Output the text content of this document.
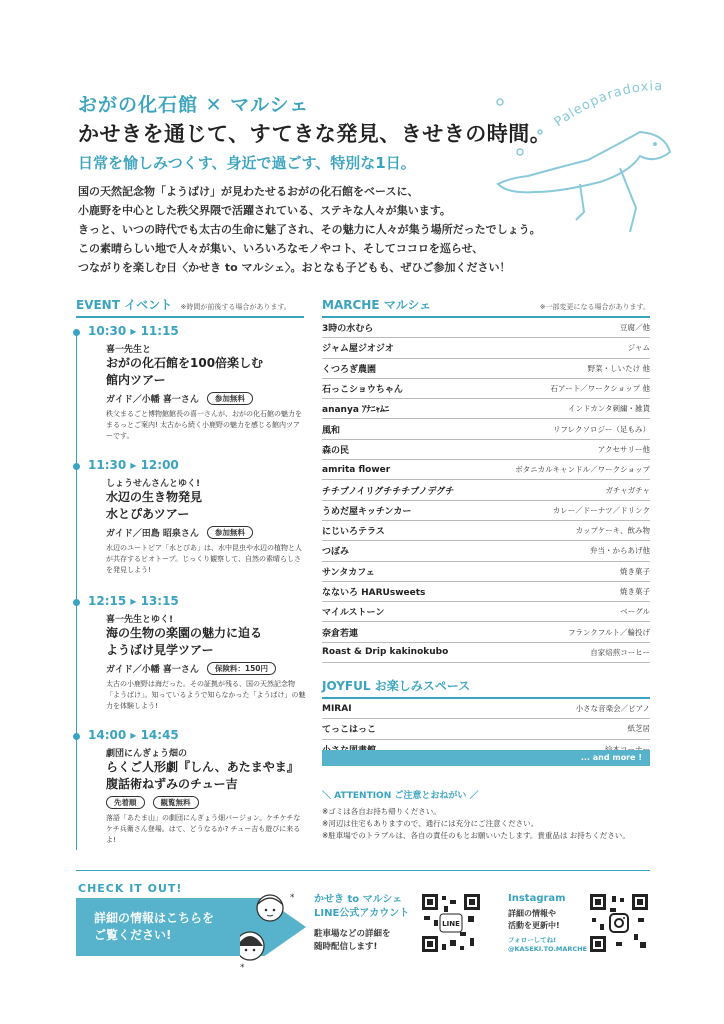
おがの化石館 ✕ マルシェ
かせきを通じて、すてきな発見、きせきの時間。
日常を愉しみつくす、身近で過ごす、特別な1日。
国の天然記念物「ようばけ」が見わたせるおがの化石館をベースに、
小鹿野を中心とした秩父界隈で活躍されている、ステキな人々が集います。
きっと、いつの時代でも太古の生命に魅了され、その魅力に人々が集う場所だったでしょう。
この素晴らしい地で人々が集い、いろいろなモノやコト、そしてココロを巡らせ、
つながりを楽しむ日〈かせき to マルシェ〉。おとなも子どもも、ぜひご参加ください！
Paleoparadoxia
EVENT イベント ※時間が前後する場合があります。
10:30 ▸ 11:15
喜一先生と
おがの化石館を100倍楽しむ
館内ツアー
ガイド／小幡 喜一さん	参加無料
秩父まるごと博物館館長の喜一さんが、おがの化石館の魅力をまるっとご案内! 太古から続く小鹿野の魅力を感じる館内ツアーです。
11:30 ▸ 12:00
しょうせんさんとゆく!
水辺の生き物発見
水とぴあツアー
ガイド／田島 昭泉さん	参加無料
水辺のユートピア「水とぴあ」は、水中昆虫や水辺の植物と人が共存するビオトープ。じっくり観察して、自然の素晴らしさを発見しよう!
12:15 ▸ 13:15
喜一先生とゆく!
海の生物の楽園の魅力に迫る
ようばけ見学ツアー
ガイド／小幡 喜一さん	保険料：150円
太古の小鹿野は海だった。その証拠が残る、国の天然記念物「ようばけ」。知っているようで知らなかった「ようばけ」の魅力を体験しよう!
14:00 ▸ 14:45
劇団にんぎょう畑の
らくご人形劇『しん、あたまやま』
腹話術ねずみのチュー吉
先着順	観覧無料
落語「あたま山」の劇団にんぎょう畑バージョン。ケチケチなケチ兵衛さん登場。はて、どうなるか? チュー吉も遊びに来るよ!
MARCHE マルシェ	※一部変更になる場合があります。
3時の水むら	豆腐／他
ジャム屋ジオジオ	ジャム
くつろぎ農園	野菜・しいたけ 他
石っこショウちゃん	石アート／ワークショップ 他
ananya ｱﾅﾆｬﾑﾆ	インドカンタ刺繍・雑貨
風和	リフレクソロジー（足もみ）
森の民	アクセサリー他
amrita flower	ボタニカルキャンドル／ワークショップ
チチブノイリグチチチブノデグチ	ガチャガチャ
うめだ屋キッチンカー	カレー／ドーナツ／ドリンク
にじいろテラス	カップケーキ、飲み物
つぼみ	弁当・からあげ他
サンタカフェ	焼き菓子
なないろ HARUsweets	焼き菓子
マイルストーン	ベーグル
奈倉若連	フランクフルト／輪投げ
Roast & Drip kakinokubo	自家焙煎コーヒー
JOYFUL お楽しみスペース
MIRAI	小さな音楽会／ピアノ
てっこはっこ	紙芝居
... and more !
＼ ATTENTION ご注意とおねがい ／
※ゴミは各自お持ち帰りください。
※河辺は住宅もありますので、通行には充分にご注意ください。
※駐車場でのトラブルは、各自の責任のもとお願いいたします。貴重品は お持ちください。
CHECK IT OUT!
詳細の情報はこちらを
ご覧ください!
*
*
かせき to マルシェ
LINE公式アカウント
駐車場などの詳細を
随時配信します!
LINE
Instagram
詳細の情報や
活動を更新中!
フォローしてね!
@KASEKI.TO.MARCHE
